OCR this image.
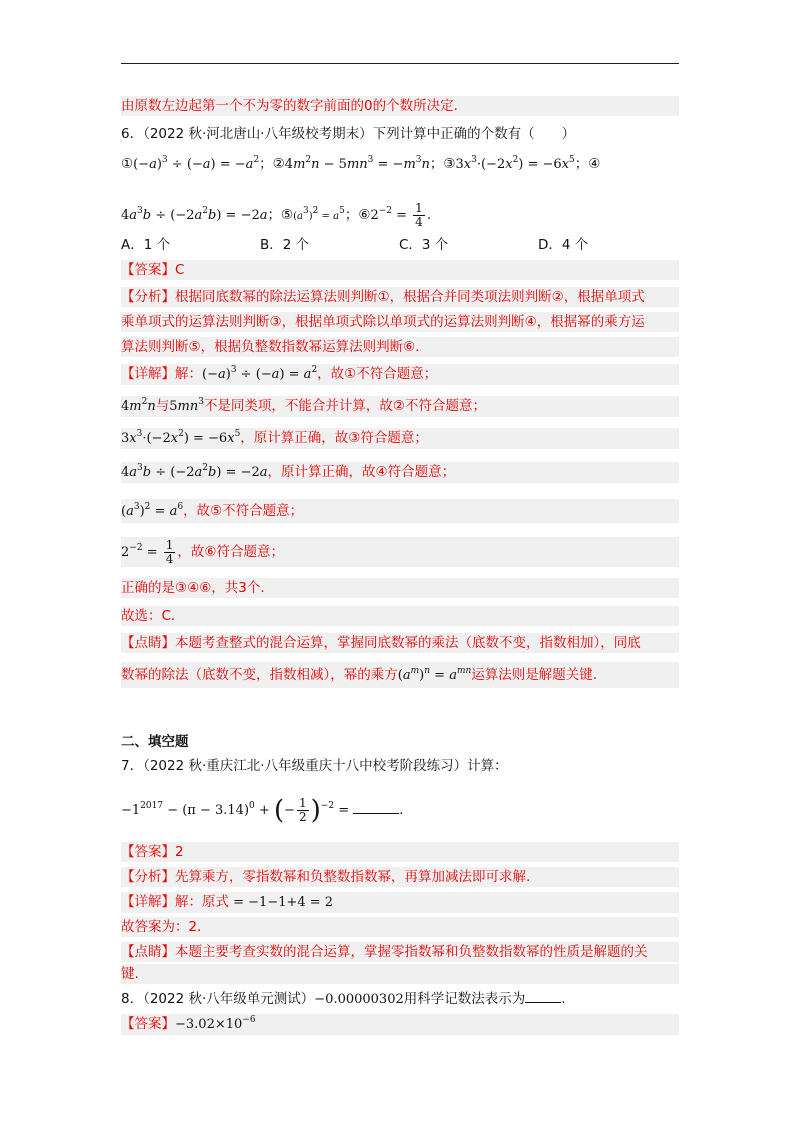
由原数左边起第一个不为零的数字前面的0的个数所决定.
6．（2022 秋·河北唐山·八年级校考期末）下列计算中正确的个数有（　　）
$①(-a)^3 \div (-a) = -a^2$；$②4m^2n - 5mn^3 = -m^3n$；$③3x^3\cdot(-2x^2) = -6x^5$；④
$4a^3b \div (-2a^2b) = -2a$；$⑤(a^3)^2 = a^5$；$⑥2^{-2} = \frac{1}{4}$ .
A．1 个	B．2 个	C．3 个	D．4 个
【答案】C
【分析】根据同底数幂的除法运算法则判断①，根据合并同类项法则判断②，根据单项式
乘单项式的运算法则判断③，根据单项式除以单项式的运算法则判断④，根据幂的乘方运
算法则判断⑤，根据负整数指数幂运算法则判断⑥.
【详解】解：$(-a)^3 \div (-a) = a^2$，故①不符合题意；
$4m^2n$与$5mn^3$不是同类项，不能合并计算，故②不符合题意；
$3x^3\cdot(-2x^2) = -6x^5$，原计算正确，故③符合题意；
$4a^3b \div (-2a^2b) = -2a$，原计算正确，故④符合题意；
$(a^3)^2 = a^6$，故⑤不符合题意；
$2^{-2} = \frac{1}{4}$ ，故⑥符合题意；
正确的是③④⑥，共3个.
故选：C.
【点睛】本题考查整式的混合运算，掌握同底数幂的乘法（底数不变，指数相加），同底
数幂的除法（底数不变，指数相减），幂的乘方$(a^m)^n = a^{mn}$运算法则是解题关键.
二、填空题
7．（2022 秋·重庆江北·八年级重庆十八中校考阶段练习）计算：
$-1^{2017} - (\pi - 3.14)^0$ + (− $\frac{1}{2} )^{-2}$ =	.
【答案】2
【分析】先算乘方，零指数幂和负整数指数幂，再算加减法即可求解.
【详解】解：原式 = −1−1+4 = 2
故答案为：2.
【点睛】本题主要考查实数的混合运算，掌握零指数幂和负整数指数幂的性质是解题的关
键.
8．（2022 秋·八年级单元测试）−0.00000302用科学记数法表示为	.
【答案】$-3.02\times 10^{-6}$
